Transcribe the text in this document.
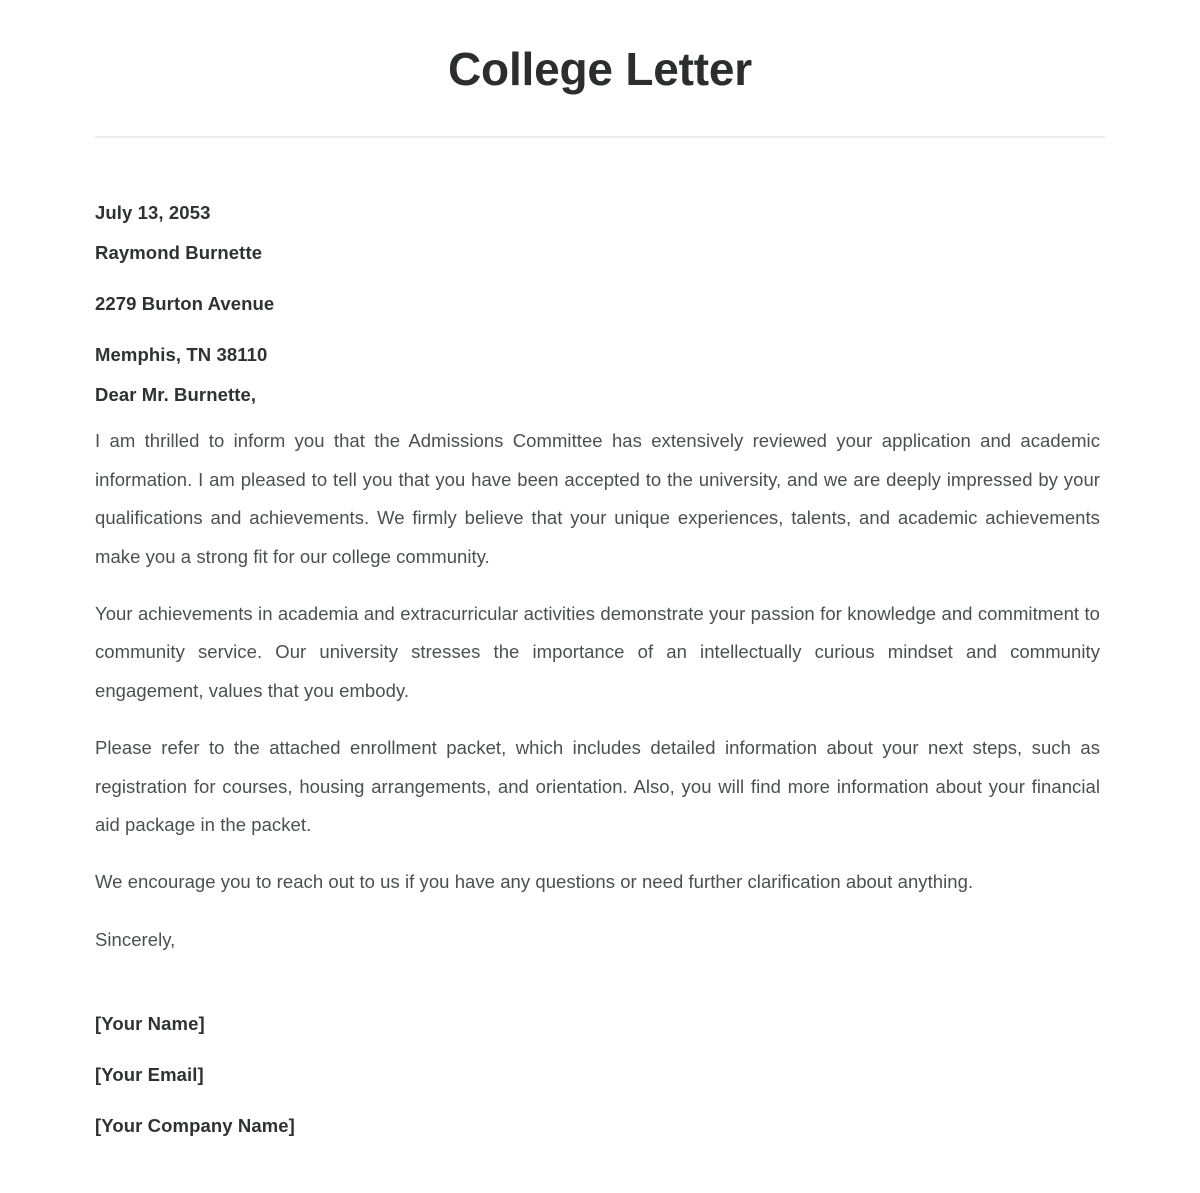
College Letter
July 13, 2053
Raymond Burnette
2279 Burton Avenue
Memphis, TN 38110
Dear Mr. Burnette,

I am thrilled to inform you that the Admissions Committee has extensively reviewed your application and academic information. I am pleased to tell you that you have been accepted to the university, and we are deeply impressed by your qualifications and achievements. We firmly believe that your unique experiences, talents, and academic achievements make you a strong fit for our college community.

Your achievements in academia and extracurricular activities demonstrate your passion for knowledge and commitment to community service. Our university stresses the importance of an intellectually curious mindset and community engagement, values that you embody.

Please refer to the attached enrollment packet, which includes detailed information about your next steps, such as registration for courses, housing arrangements, and orientation. Also, you will find more information about your financial aid package in the packet.

We encourage you to reach out to us if you have any questions or need further clarification about anything.

Sincerely,
[Your Name]
[Your Email]
[Your Company Name]
